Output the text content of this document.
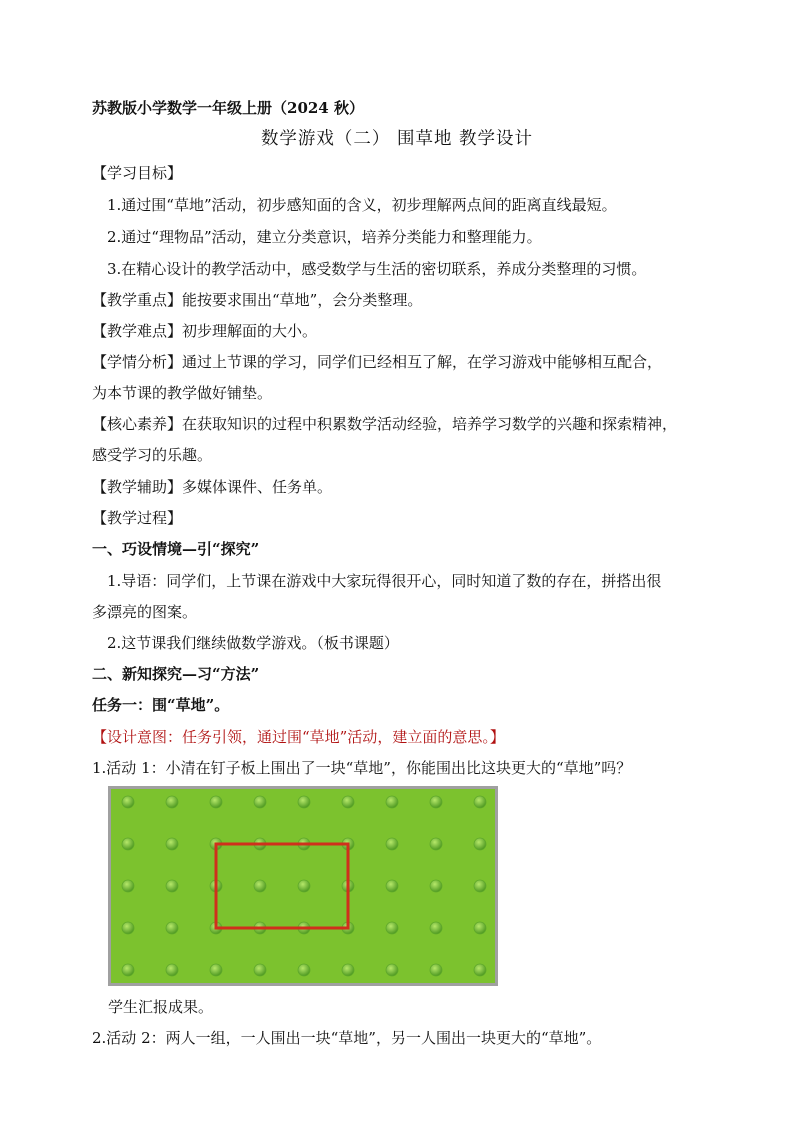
苏教版小学数学一年级上册（2024 秋）
数学游戏（二） 围草地 教学设计
【学习目标】
1.通过围“草地”活动，初步感知面的含义，初步理解两点间的距离直线最短。
2.通过“理物品”活动，建立分类意识，培养分类能力和整理能力。
3.在精心设计的教学活动中，感受数学与生活的密切联系，养成分类整理的习惯。
【教学重点】能按要求围出“草地”，会分类整理。
【教学难点】初步理解面的大小。
【学情分析】通过上节课的学习，同学们已经相互了解，在学习游戏中能够相互配合，
为本节课的教学做好铺垫。
【核心素养】在获取知识的过程中积累数学活动经验，培养学习数学的兴趣和探索精神，
感受学习的乐趣。
【教学辅助】多媒体课件、任务单。
【教学过程】
一、巧设情境—引“探究”
1.导语：同学们，上节课在游戏中大家玩得很开心，同时知道了数的存在，拼搭出很
多漂亮的图案。
2.这节课我们继续做数学游戏。（板书课题）
二、新知探究—习“方法”
任务一：围“草地”。
【设计意图：任务引领，通过围“草地”活动，建立面的意思。】
1.活动 1：小清在钉子板上围出了一块“草地”，你能围出比这块更大的“草地”吗？
学生汇报成果。
2.活动 2：两人一组，一人围出一块“草地”，另一人围出一块更大的“草地”。
